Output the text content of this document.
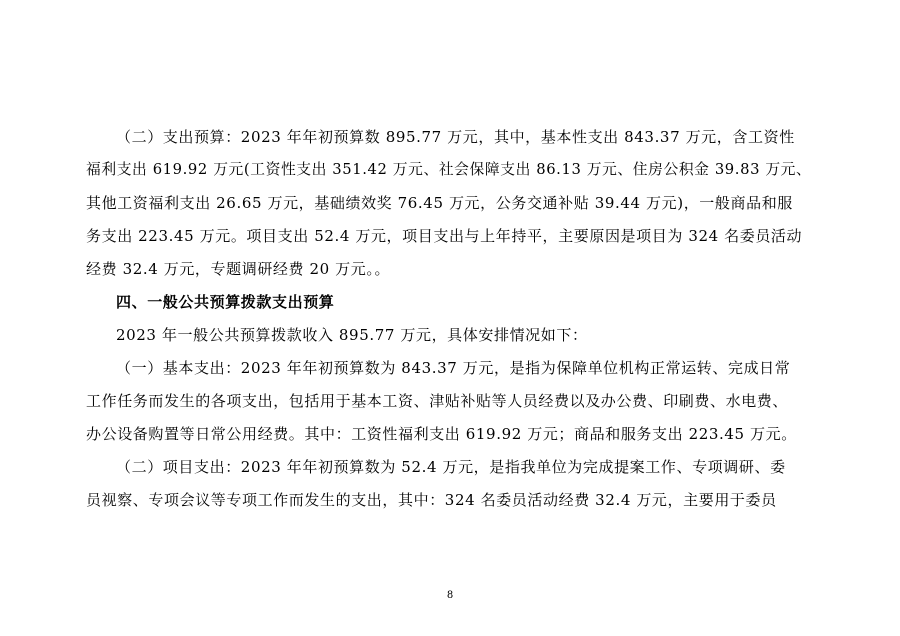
（二）支出预算：2023 年年初预算数 895.77 万元，其中，基本性支出 843.37 万元，含工资性
福利支出 619.92 万元(工资性支出 351.42 万元、社会保障支出 86.13 万元、住房公积金 39.83 万元、
其他工资福利支出 26.65 万元，基础绩效奖 76.45 万元，公务交通补贴 39.44 万元)，一般商品和服
务支出 223.45 万元。项目支出 52.4 万元，项目支出与上年持平，主要原因是项目为 324 名委员活动
经费 32.4 万元，专题调研经费 20 万元。。
四、一般公共预算拨款支出预算
2023 年一般公共预算拨款收入 895.77 万元，具体安排情况如下：
（一）基本支出：2023 年年初预算数为 843.37 万元，是指为保障单位机构正常运转、完成日常
工作任务而发生的各项支出，包括用于基本工资、津贴补贴等人员经费以及办公费、印刷费、水电费、
办公设备购置等日常公用经费。其中：工资性福利支出 619.92 万元；商品和服务支出 223.45 万元。
（二）项目支出：2023 年年初预算数为 52.4 万元，是指我单位为完成提案工作、专项调研、委
员视察、专项会议等专项工作而发生的支出，其中：324 名委员活动经费 32.4 万元，主要用于委员
8
